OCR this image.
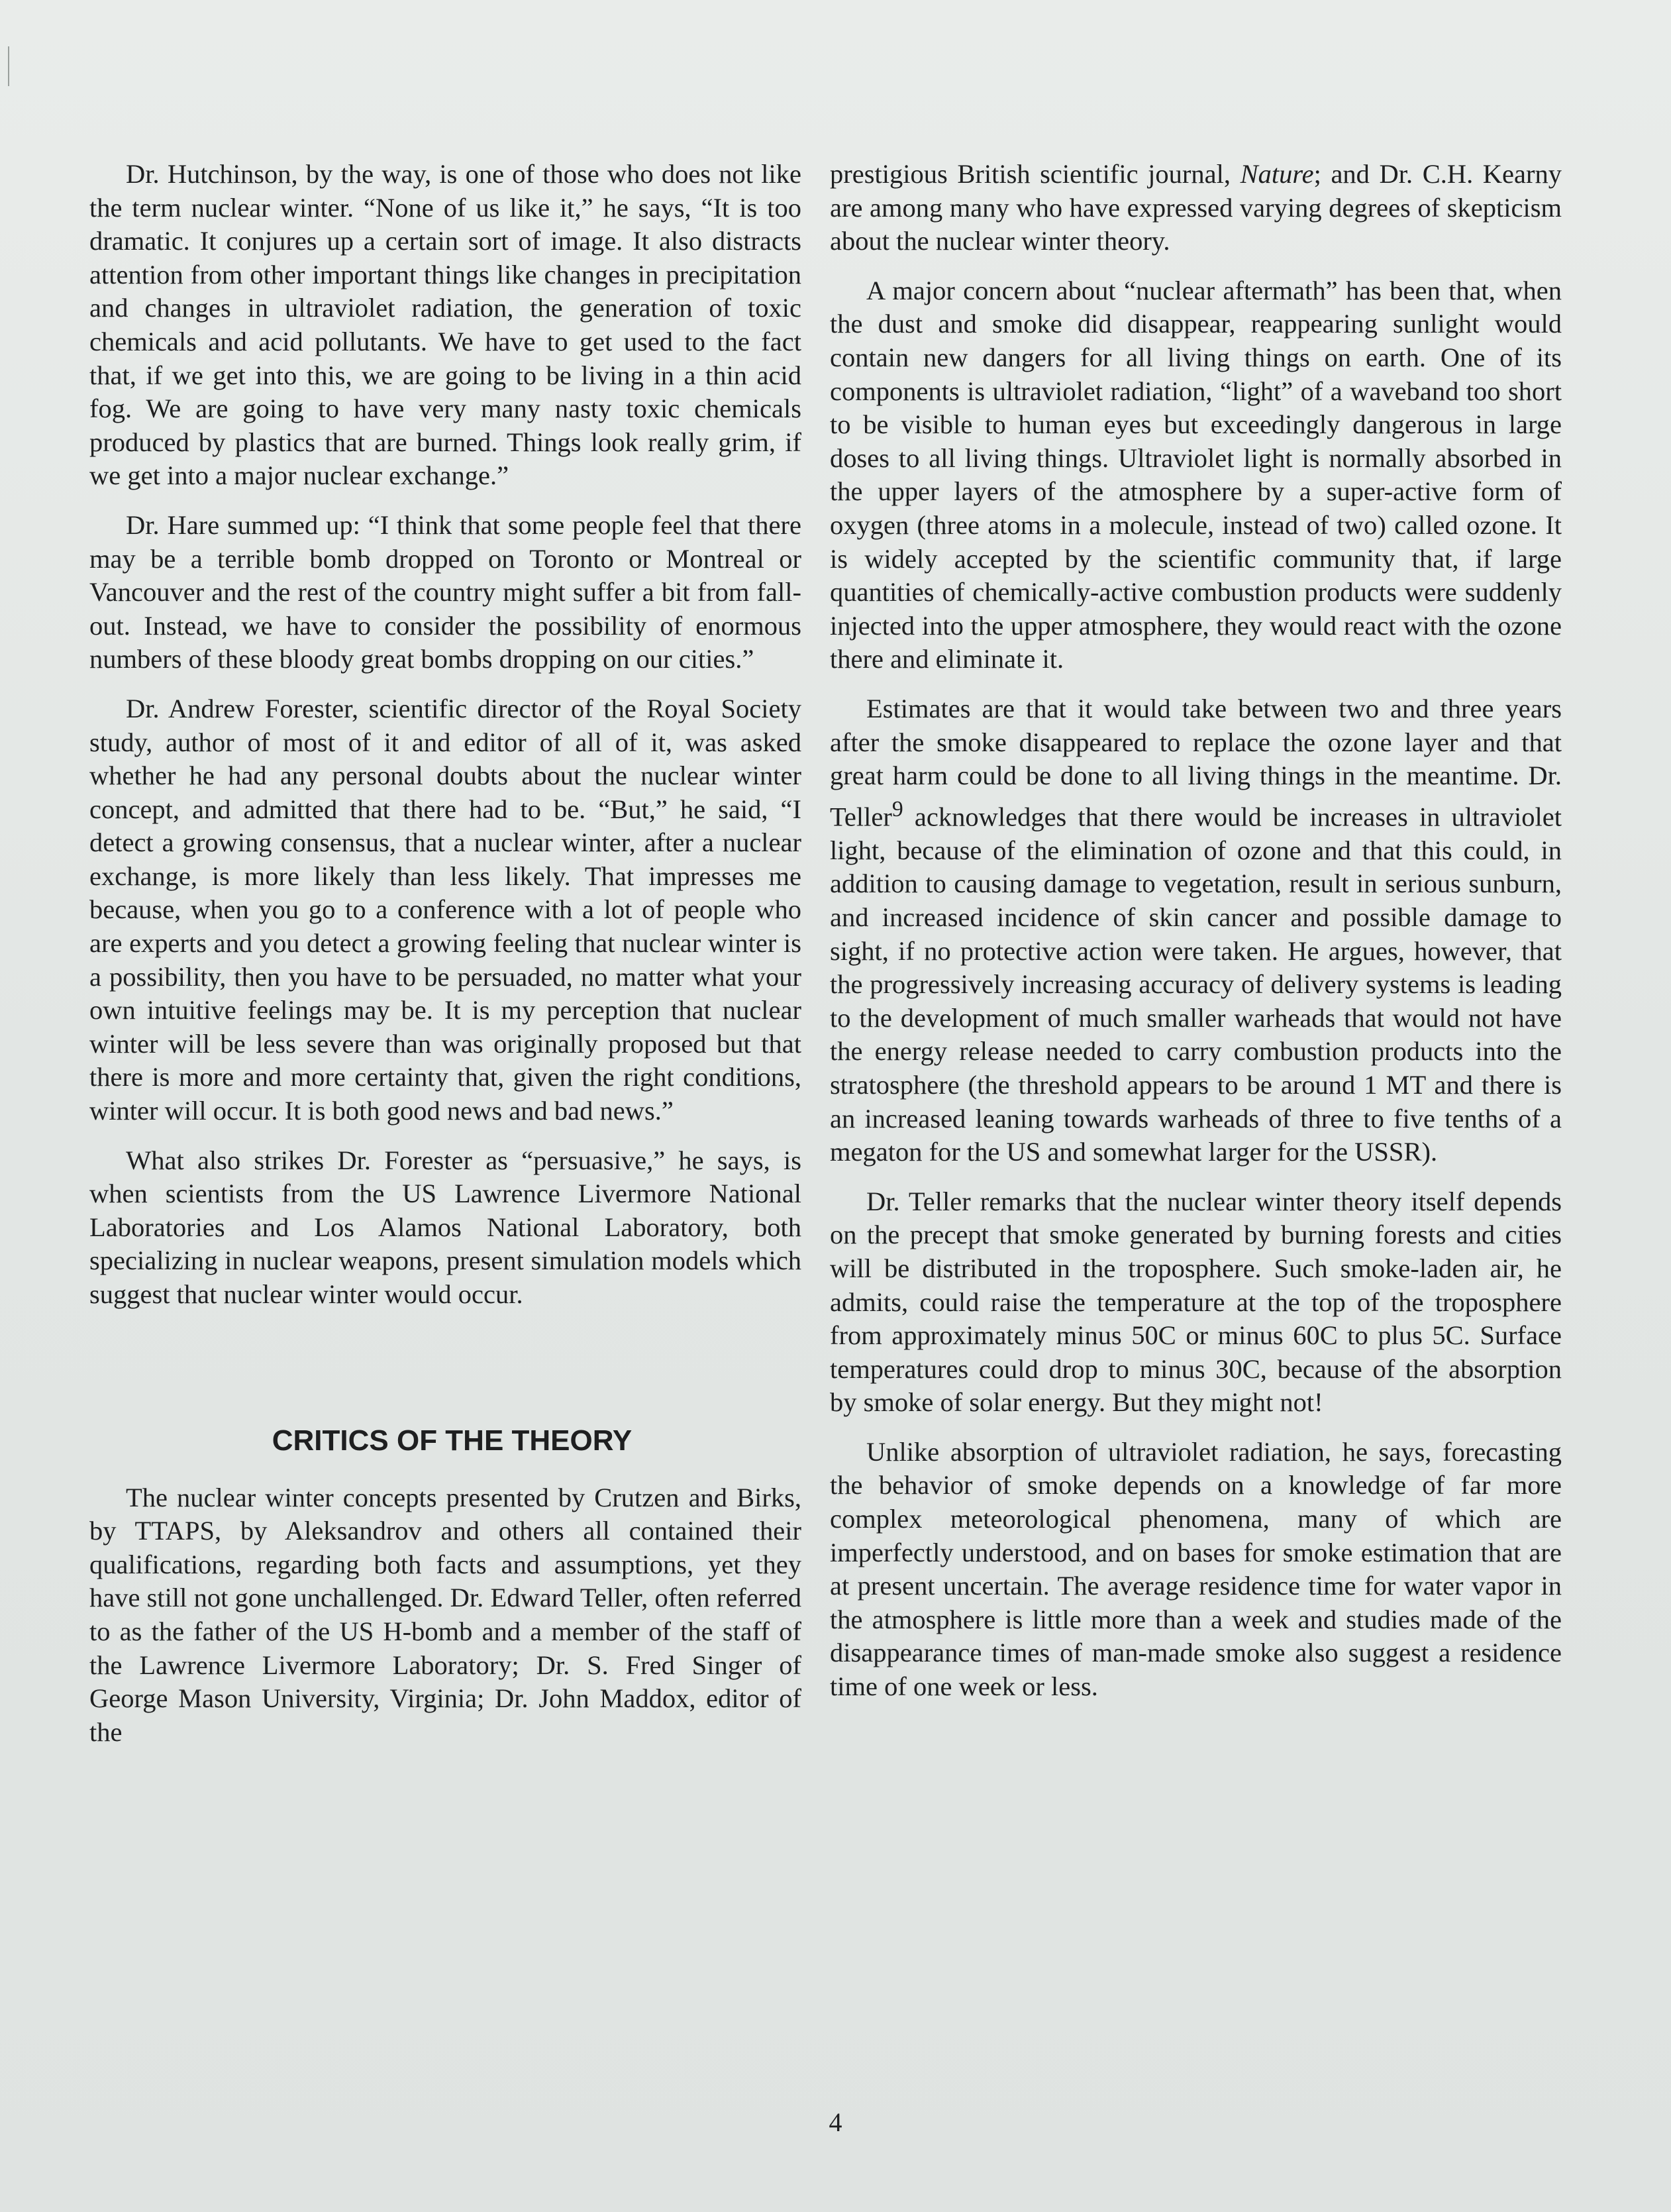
Dr. Hutchinson, by the way, is one of those who does not like the term nuclear winter. “None of us like it,” he says, “It is too dramatic. It conjures up a certain sort of image. It also distracts attention from other important things like changes in precipitation and changes in ultraviolet radiation, the generation of toxic chemicals and acid pollutants. We have to get used to the fact that, if we get into this, we are going to be living in a thin acid fog. We are going to have very many nasty toxic chemicals produced by plastics that are burned. Things look really grim, if we get into a major nuclear exchange.”

Dr. Hare summed up: “I think that some people feel that there may be a terrible bomb dropped on Toronto or Montreal or Vancouver and the rest of the country might suffer a bit from fall-out. Instead, we have to consider the possibility of enormous numbers of these bloody great bombs dropping on our cities.”

Dr. Andrew Forester, scientific director of the Royal Society study, author of most of it and editor of all of it, was asked whether he had any personal doubts about the nuclear winter concept, and admitted that there had to be. “But,” he said, “I detect a growing consensus, that a nuclear winter, after a nuclear exchange, is more likely than less likely. That impresses me because, when you go to a conference with a lot of people who are experts and you detect a growing feeling that nuclear winter is a possibility, then you have to be persuaded, no matter what your own intuitive feelings may be. It is my perception that nuclear winter will be less severe than was originally proposed but that there is more and more certainty that, given the right conditions, winter will occur. It is both good news and bad news.”

What also strikes Dr. Forester as “persuasive,” he says, is when scientists from the US Lawrence Livermore National Laboratories and Los Alamos National Laboratory, both specializing in nuclear weapons, present simulation models which suggest that nuclear winter would occur.

CRITICS OF THE THEORY

The nuclear winter concepts presented by Crutzen and Birks, by TTAPS, by Aleksandrov and others all contained their qualifications, regarding both facts and assumptions, yet they have still not gone unchallenged. Dr. Edward Teller, often referred to as the father of the US H-bomb and a member of the staff of the Lawrence Livermore Laboratory; Dr. S. Fred Singer of George Mason University, Virginia; Dr. John Maddox, editor of the

prestigious British scientific journal, Nature; and Dr. C.H. Kearny are among many who have expressed varying degrees of skepticism about the nuclear winter theory.

A major concern about “nuclear aftermath” has been that, when the dust and smoke did disappear, reappearing sunlight would contain new dangers for all living things on earth. One of its components is ultraviolet radiation, “light” of a waveband too short to be visible to human eyes but exceedingly dangerous in large doses to all living things. Ultraviolet light is normally absorbed in the upper layers of the atmosphere by a super-active form of oxygen (three atoms in a molecule, instead of two) called ozone. It is widely accepted by the scientific community that, if large quantities of chemically-active combustion products were suddenly injected into the upper atmosphere, they would react with the ozone there and eliminate it.

Estimates are that it would take between two and three years after the smoke disappeared to replace the ozone layer and that great harm could be done to all living things in the meantime. Dr. Teller$^9$ acknowledges that there would be increases in ultraviolet light, because of the elimination of ozone and that this could, in addition to causing damage to vegetation, result in serious sunburn, and increased incidence of skin cancer and possible damage to sight, if no protective action were taken. He argues, however, that the progressively increasing accuracy of delivery systems is leading to the development of much smaller warheads that would not have the energy release needed to carry combustion products into the stratosphere (the threshold appears to be around 1 MT and there is an increased leaning towards warheads of three to five tenths of a megaton for the US and somewhat larger for the USSR).

Dr. Teller remarks that the nuclear winter theory itself depends on the precept that smoke generated by burning forests and cities will be distributed in the troposphere. Such smoke-laden air, he admits, could raise the temperature at the top of the troposphere from approximately minus 50C or minus 60C to plus 5C. Surface temperatures could drop to minus 30C, because of the absorption by smoke of solar energy. But they might not!

Unlike absorption of ultraviolet radiation, he says, forecasting the behavior of smoke depends on a knowledge of far more complex meteorological phenomena, many of which are imperfectly understood, and on bases for smoke estimation that are at present uncertain. The average residence time for water vapor in the atmosphere is little more than a week and studies made of the disappearance times of man-made smoke also suggest a residence time of one week or less.

4
